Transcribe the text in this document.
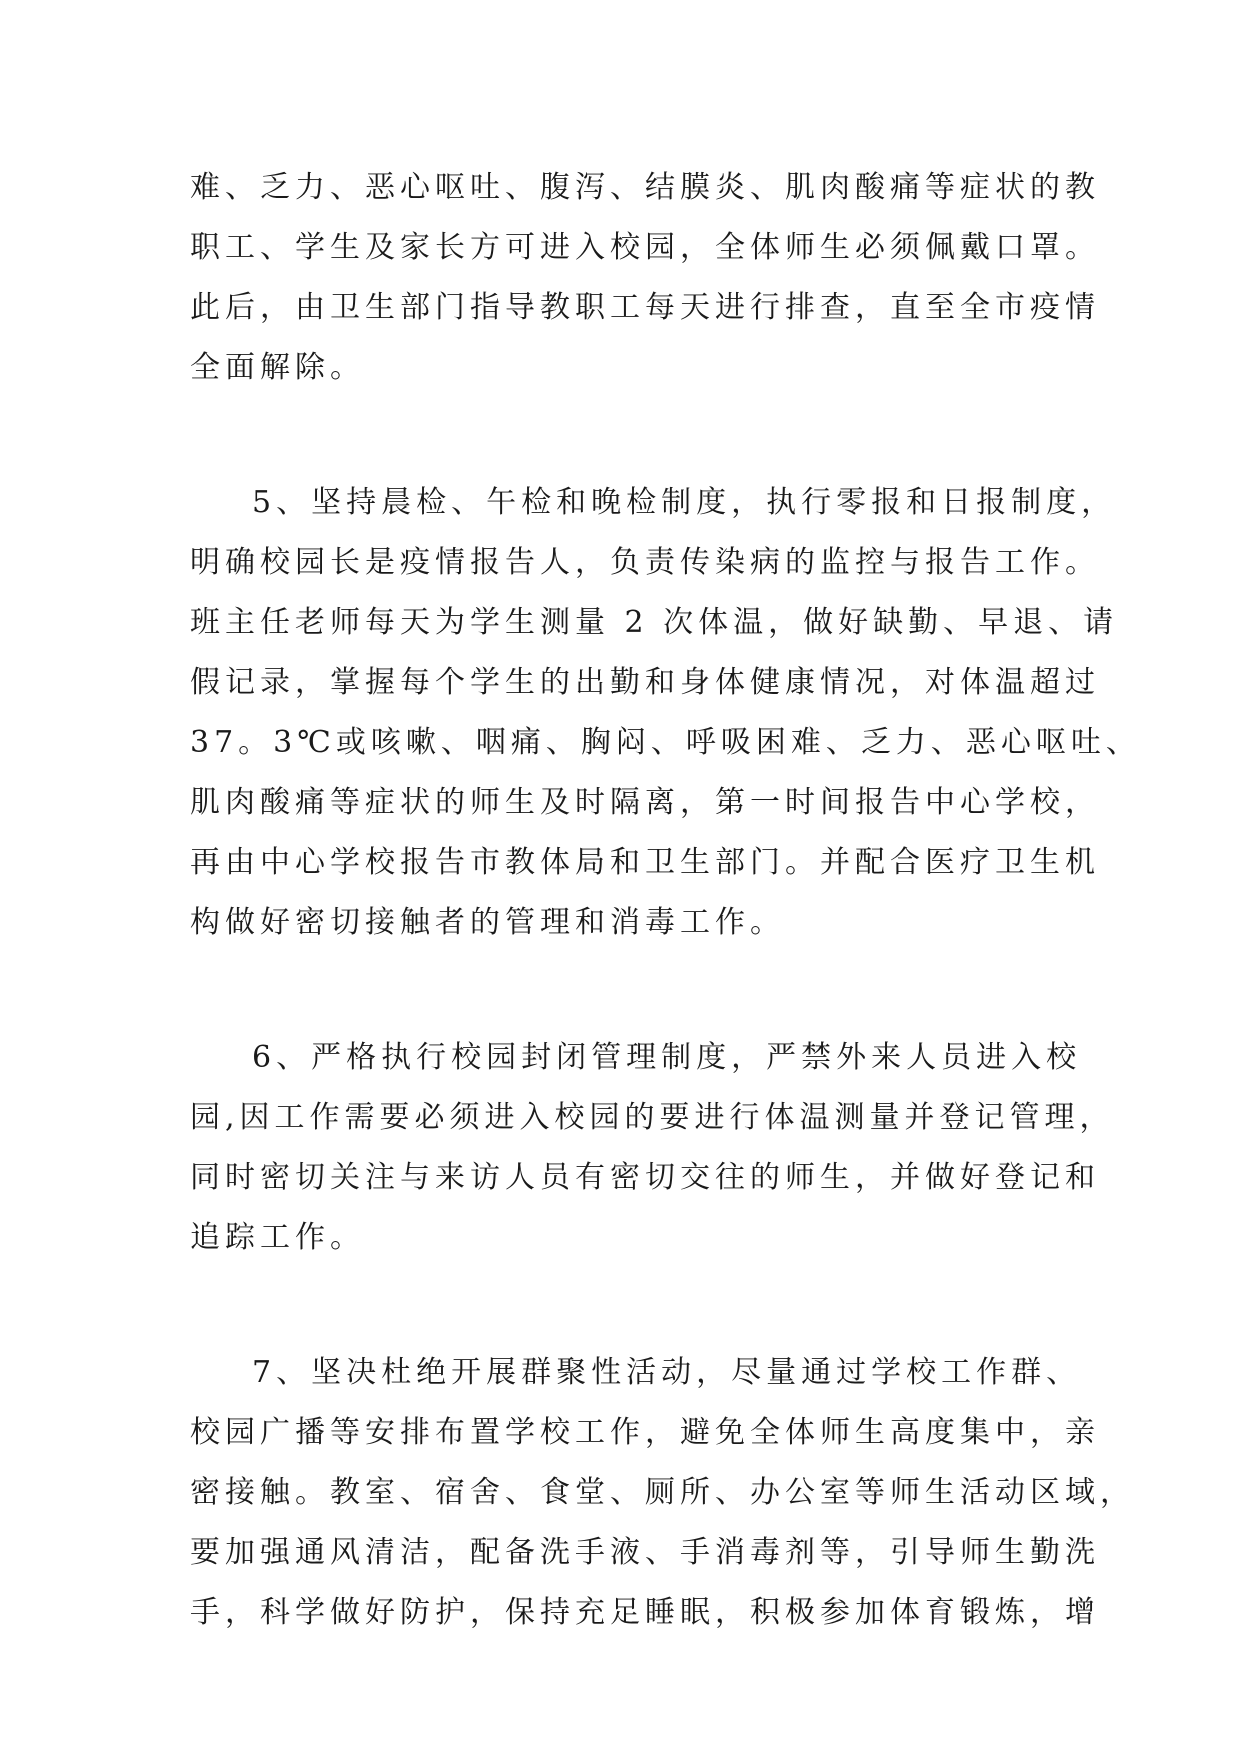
难、乏力、恶心呕吐、腹泻、结膜炎、肌肉酸痛等症状的教
职工、学生及家长方可进入校园，全体师生必须佩戴口罩。
此后，由卫生部门指导教职工每天进行排查，直至全市疫情
全面解除。
5、坚持晨检、午检和晚检制度，执行零报和日报制度，
明确校园长是疫情报告人，负责传染病的监控与报告工作。
班主任老师每天为学生测量 2 次体温，做好缺勤、早退、请
假记录，掌握每个学生的出勤和身体健康情况，对体温超过
37。3℃或咳嗽、咽痛、胸闷、呼吸困难、乏力、恶心呕吐、
肌肉酸痛等症状的师生及时隔离，第一时间报告中心学校，
再由中心学校报告市教体局和卫生部门。并配合医疗卫生机
构做好密切接触者的管理和消毒工作。
6、严格执行校园封闭管理制度，严禁外来人员进入校
园,因工作需要必须进入校园的要进行体温测量并登记管理，
同时密切关注与来访人员有密切交往的师生，并做好登记和
追踪工作。
7、坚决杜绝开展群聚性活动，尽量通过学校工作群、
校园广播等安排布置学校工作，避免全体师生高度集中，亲
密接触。教室、宿舍、食堂、厕所、办公室等师生活动区域，
要加强通风清洁，配备洗手液、手消毒剂等，引导师生勤洗
手，科学做好防护，保持充足睡眠，积极参加体育锻炼，增
